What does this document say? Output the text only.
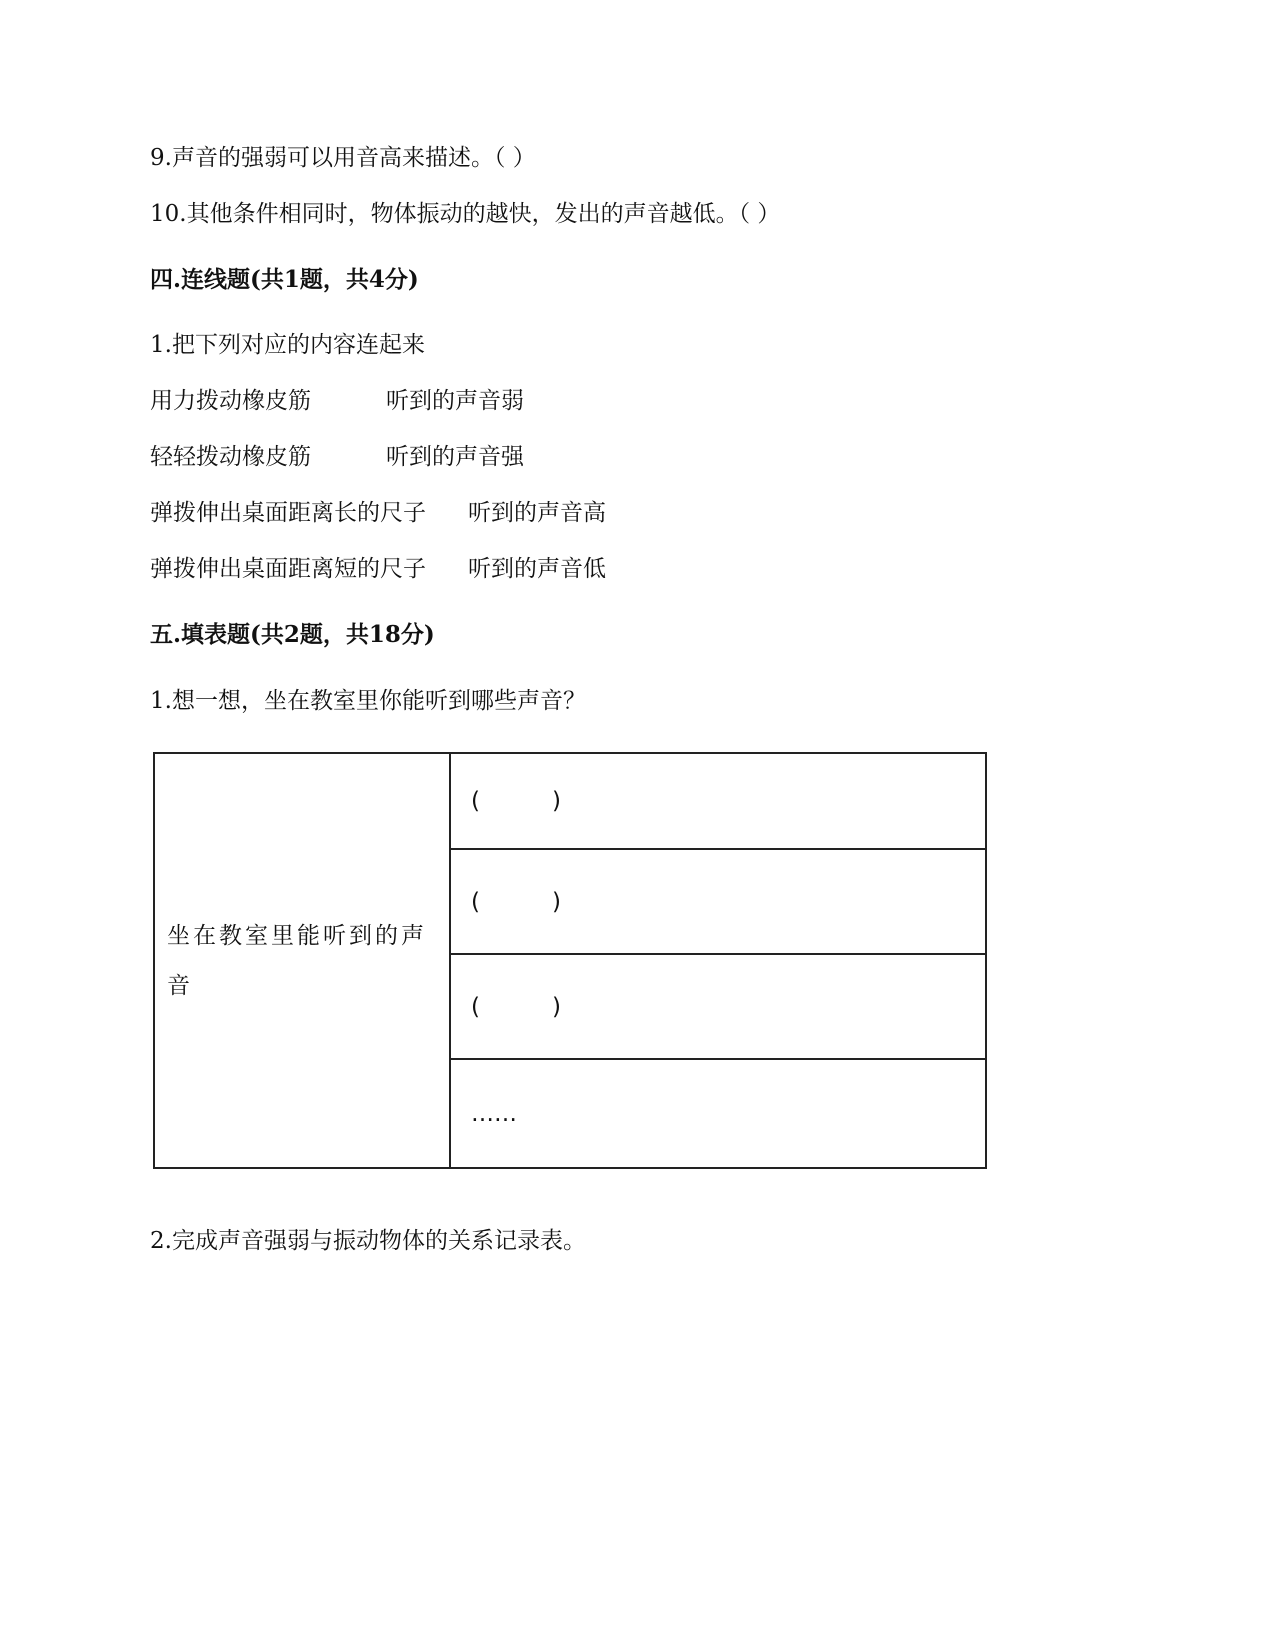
9.声音的强弱可以用音高来描述。（ ）
10.其他条件相同时，物体振动的越快，发出的声音越低。（ ）
四.连线题(共1题，共4分)
1.把下列对应的内容连起来
用力拨动橡皮筋	听到的声音弱
轻轻拨动橡皮筋	听到的声音强
弹拨伸出桌面距离长的尺子 听到的声音高
弹拨伸出桌面距离短的尺子 听到的声音低
五.填表题(共2题，共18分)
1.想一想，坐在教室里你能听到哪些声音？
坐在教室里能听到的声音
(	)
(	)
(	)
……
2.完成声音强弱与振动物体的关系记录表。
